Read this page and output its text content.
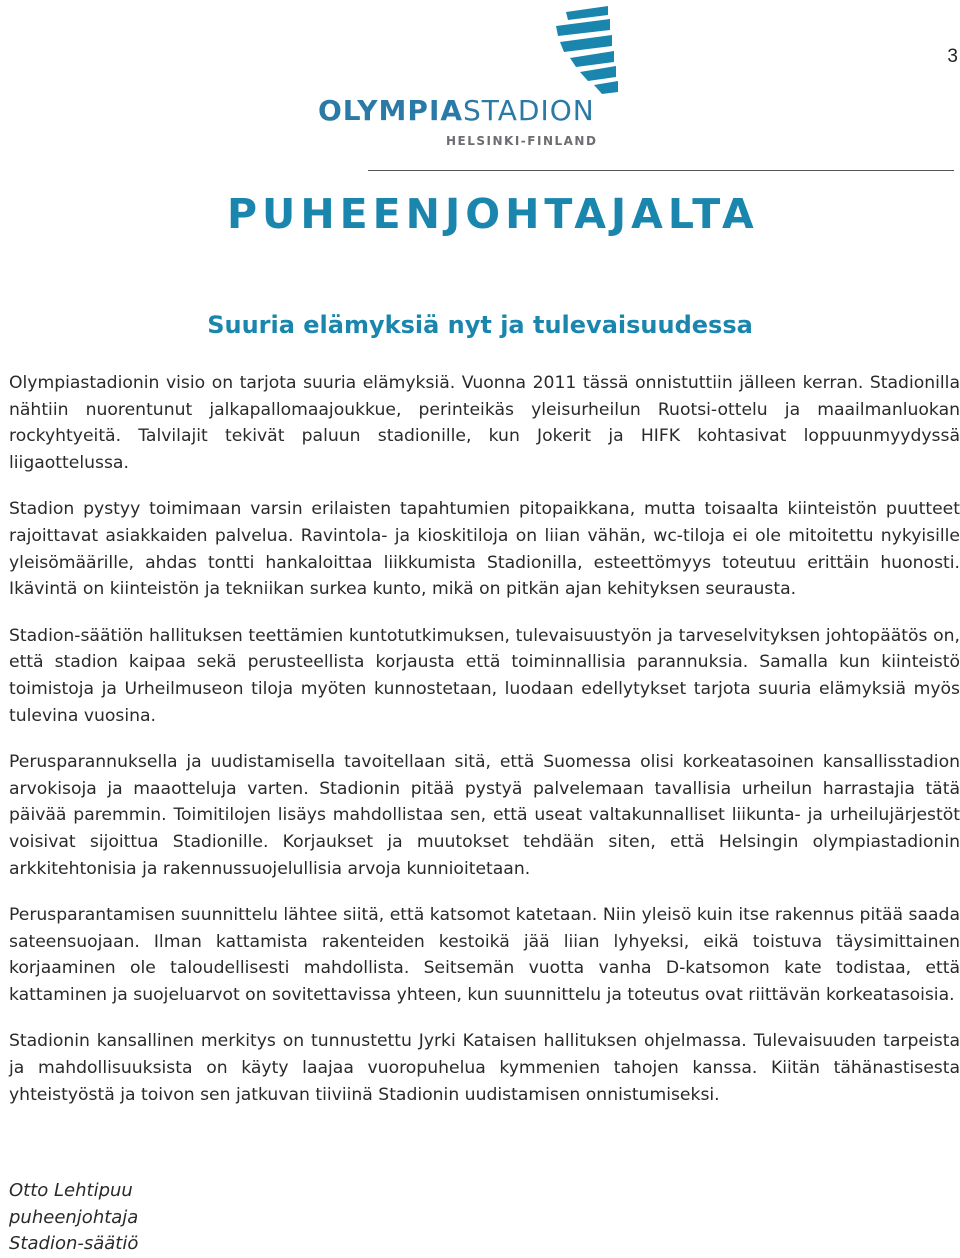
3
OLYMPIASTADION
HELSINKI-FINLAND
PUHEENJOHTAJALTA
Suuria elämyksiä nyt ja tulevaisuudessa

Olympiastadionin visio on tarjota suuria elämyksiä. Vuonna 2011 tässä onnistuttiin jälleen kerran. Stadionilla nähtiin nuorentunut jalkapallomaajoukkue, perinteikäs yleisurheilun Ruotsi-ottelu ja maailmanluokan rockyhtyeitä. Talvilajit tekivät paluun stadionille, kun Jokerit ja HIFK kohtasivat loppuunmyydyssä liigaottelussa.

Stadion pystyy toimimaan varsin erilaisten tapahtumien pitopaikkana, mutta toisaalta kiinteistön puutteet rajoittavat asiakkaiden palvelua. Ravintola- ja kioskitiloja on liian vähän, wc-tiloja ei ole mitoitettu nykyisille yleisömäärille, ahdas tontti hankaloittaa liikkumista Stadionilla, esteettömyys toteutuu erittäin huonosti. Ikävintä on kiinteistön ja tekniikan surkea kunto, mikä on pitkän ajan kehityksen seurausta.

Stadion-säätiön hallituksen teettämien kuntotutkimuksen, tulevaisuustyön ja tarveselvityksen johtopäätös on, että stadion kaipaa sekä perusteellista korjausta että toiminnallisia parannuksia. Samalla kun kiinteistö toimistoja ja Urheilmuseon tiloja myöten kunnostetaan, luodaan edellytykset tarjota suuria elämyksiä myös tulevina vuosina.

Perusparannuksella ja uudistamisella tavoitellaan sitä, että Suomessa olisi korkeatasoinen kansallisstadion arvokisoja ja maaotteluja varten. Stadionin pitää pystyä palvelemaan tavallisia urheilun harrastajia tätä päivää paremmin. Toimitilojen lisäys mahdollistaa sen, että useat valtakunnalliset liikunta- ja urheilujärjestöt voisivat sijoittua Stadionille. Korjaukset ja muutokset tehdään siten, että Helsingin olympiastadionin arkkitehtonisia ja rakennussuojelullisia arvoja kunnioitetaan.

Perusparantamisen suunnittelu lähtee siitä, että katsomot katetaan. Niin yleisö kuin itse rakennus pitää saada sateensuojaan. Ilman kattamista rakenteiden kestoikä jää liian lyhyeksi, eikä toistuva täysimittainen korjaaminen ole taloudellisesti mahdollista. Seitsemän vuotta vanha D-katsomon kate todistaa, että kattaminen ja suojeluarvot on sovitettavissa yhteen, kun suunnittelu ja toteutus ovat riittävän korkeatasoisia.

Stadionin kansallinen merkitys on tunnustettu Jyrki Kataisen hallituksen ohjelmassa. Tulevaisuuden tarpeista ja mahdollisuuksista on käyty laajaa vuoropuhelua kymmenien tahojen kanssa. Kiitän tähänastisesta yhteistyöstä ja toivon sen jatkuvan tiiviinä Stadionin uudistamisen onnistumiseksi.

Otto Lehtipuu
puheenjohtaja
Stadion-säätiö
